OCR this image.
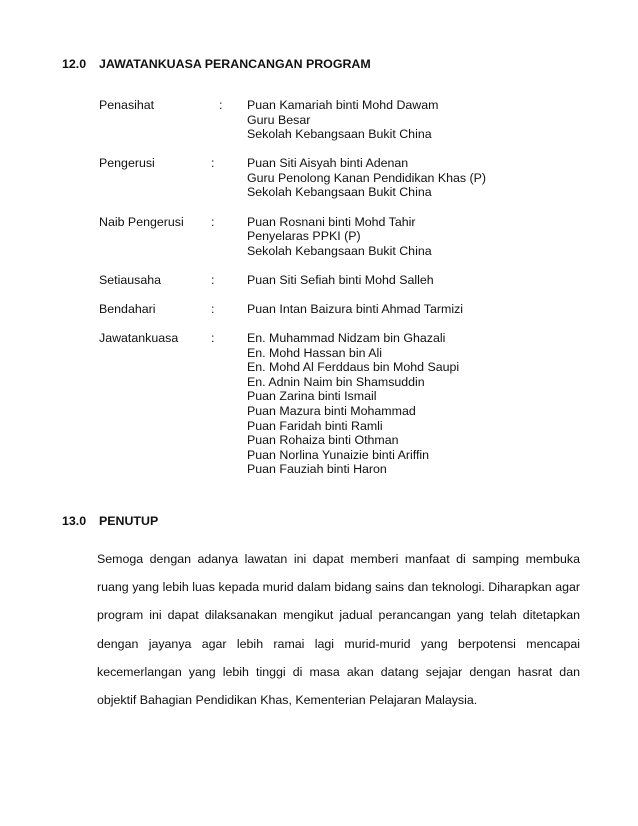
12.0 JAWATANKUASA PERANCANGAN PROGRAM
Penasihat	:	Puan Kamariah binti Mohd Dawam
Guru Besar
Sekolah Kebangsaan Bukit China
Pengerusi	:	Puan Siti Aisyah binti Adenan
Guru Penolong Kanan Pendidikan Khas (P)
Sekolah Kebangsaan Bukit China
Naib Pengerusi	:	Puan Rosnani binti Mohd Tahir
Penyelaras PPKI (P)
Sekolah Kebangsaan Bukit China
Setiausaha	:	Puan Siti Sefiah binti Mohd Salleh
Bendahari	:	Puan Intan Baizura binti Ahmad Tarmizi
Jawatankuasa	:	En. Muhammad Nidzam bin Ghazali
En. Mohd Hassan bin Ali
En. Mohd Al Ferddaus bin Mohd Saupi
En. Adnin Naim bin Shamsuddin
Puan Zarina binti Ismail
Puan Mazura binti Mohammad
Puan Faridah binti Ramli
Puan Rohaiza binti Othman
Puan Norlina Yunaizie binti Ariffin
Puan Fauziah binti Haron
13.0 PENUTUP
Semoga dengan adanya lawatan ini dapat memberi manfaat di samping membuka ruang yang lebih luas kepada murid dalam bidang sains dan teknologi. Diharapkan agar program ini dapat dilaksanakan mengikut jadual perancangan yang telah ditetapkan dengan jayanya agar lebih ramai lagi murid-murid yang berpotensi mencapai kecemerlangan yang lebih tinggi di masa akan datang sejajar dengan hasrat dan objektif Bahagian Pendidikan Khas, Kementerian Pelajaran Malaysia.
